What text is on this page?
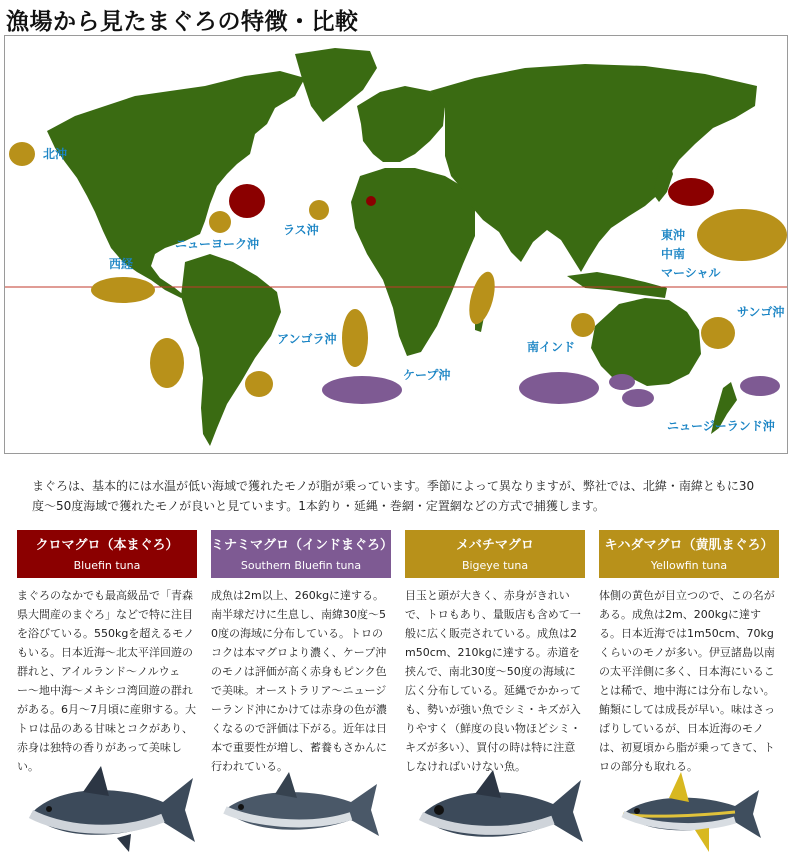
漁場から見たまぐろの特徴・比較
北沖
ニューヨーク沖
ラス沖
西経
アンゴラ沖
ケープ沖
南インド
東沖
中南
マーシャル
サンゴ沖
ニュージーランド沖

まぐろは、基本的には水温が低い海域で獲れたモノが脂が乗っています。季節によって異なりますが、弊社では、北緯・南緯ともに30度〜50度海域で獲れたモノが良いと見ています。1本釣り・延縄・巻網・定置網などの方式で捕獲します。

クロマグロ（本まぐろ）
Bluefin tuna

まぐろのなかでも最高級品で「青森県大間産のまぐろ」などで特に注目を浴びている。550kgを超えるモノもいる。日本近海〜北太平洋回遊の群れと、アイルランド〜ノルウェー〜地中海〜メキシコ湾回遊の群れがある。6月〜7月頃に産卵する。大トロは品のある甘味とコクがあり、赤身は独特の香りがあって美味しい。

ミナミマグロ（インドまぐろ）
Southern Bluefin tuna

成魚は2m以上、260kgに達する。南半球だけに生息し、南緯30度〜50度の海域に分布している。トロのコクは本マグロより濃く、ケープ沖のモノは評価が高く赤身もピンク色で美味。オーストラリア〜ニュージーランド沖にかけては赤身の色が濃くなるので評価は下がる。近年は日本で重要性が増し、蓄養もさかんに行われている。

メバチマグロ
Bigeye tuna

目玉と頭が大きく、赤身がきれいで、トロもあり、量販店も含めて一般に広く販売されている。成魚は2m50cm、210kgに達する。赤道を挟んで、南北30度〜50度の海域に広く分布している。延縄でかかっても、勢いが強い魚でシミ・キズが入りやすく（鮮度の良い物ほどシミ・キズが多い）、買付の時は特に注意しなければいけない魚。

キハダマグロ（黄肌まぐろ）
Yellowfin tuna

体側の黄色が目立つので、この名がある。成魚は2m、200kgに達する。日本近海では1m50cm、70kgくらいのモノが多い。伊豆諸島以南の太平洋側に多く、日本海にいることは稀で、地中海には分布しない。鮪類にしては成長が早い。味はさっぱりしているが、日本近海のモノは、初夏頃から脂が乗ってきて、トロの部分も取れる。
